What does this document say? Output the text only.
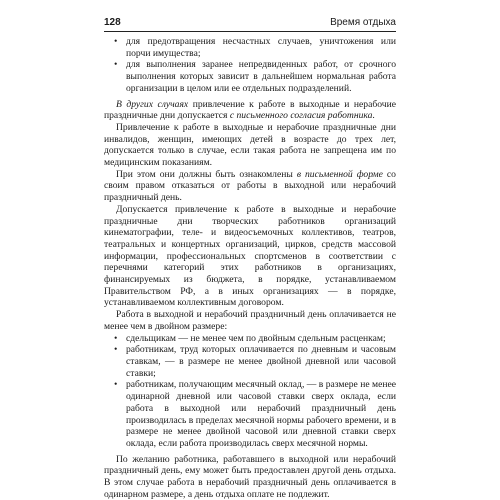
128	Время отдыха
• для предотвращения несчастных случаев, уничтожения или порчи имущества;
• для выполнения заранее непредвиденных работ, от срочного выполнения которых зависит в дальнейшем нормальная работа организации в целом или ее отдельных подразделений.

В других случаях привлечение к работе в выходные и нерабочие праздничные дни допускается с письменного согласия работника.

Привлечение к работе в выходные и нерабочие праздничные дни инвалидов, женщин, имеющих детей в возрасте до трех лет, допускается только в случае, если такая работа не запрещена им по медицинским показаниям.

При этом они должны быть ознакомлены в письменной форме со своим правом отказаться от работы в выходной или нерабочий праздничный день.

Допускается привлечение к работе в выходные и нерабочие праздничные дни творческих работников организаций кинематографии, теле- и видеосъемочных коллективов, театров, театральных и концертных организаций, цирков, средств массовой информации, профессиональных спортсменов в соответствии с перечнями категорий этих работников в организациях, финансируемых из бюджета, в порядке, устанавливаемом Правительством РФ, а в иных организациях — в порядке, устанавливаемом коллективным договором.

Работа в выходной и нерабочий праздничный день оплачивается не менее чем в двойном размере:

• сдельщикам — не менее чем по двойным сдельным расценкам;
• работникам, труд которых оплачивается по дневным и часовым ставкам, — в размере не менее двойной дневной или часовой ставки;
• работникам, получающим месячный оклад, — в размере не менее одинарной дневной или часовой ставки сверх оклада, если работа в выходной или нерабочий праздничный день производилась в пределах месячной нормы рабочего времени, и в размере не менее двойной часовой или дневной ставки сверх оклада, если работа производилась сверх месячной нормы.

По желанию работника, работавшего в выходной или нерабочий праздничный день, ему может быть предоставлен другой день отдыха. В этом случае работа в нерабочий праздничный день оплачивается в одинарном размере, а день отдыха оплате не подлежит.
